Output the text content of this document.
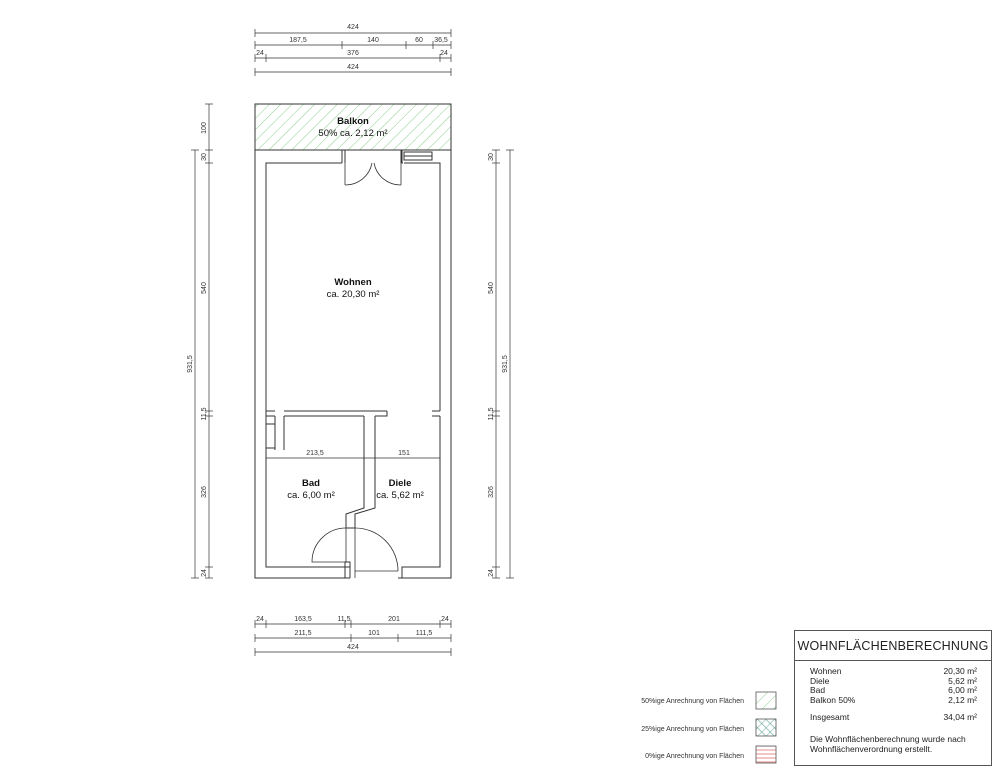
424
187,5	140	60 36,5
24	376	24
424
100
30
540
11,5
326
24
931,5
30
540
11,5
326
24
931,5
Balkon
50% ca. 2,12 m²
213,5	151
Wohnen
ca. 20,30 m²
Bad
ca. 6,00 m²
Diele
ca. 5,62 m²
24	163,5	11,5	201	24
211,5	101	111,5
424
50%ige Anrechnung von Flächen
25%ige Anrechnung von Flächen
0%ige Anrechnung von Flächen
WOHNFLÄCHENBERECHNUNG
Wohnen	20,30 m²
Diele	5,62 m²
Bad	6,00 m²
Balkon 50%	2,12 m²
Insgesamt	34,04 m²
Die Wohnflächenberechnung wurde nach Wohnflächenverordnung erstellt.
